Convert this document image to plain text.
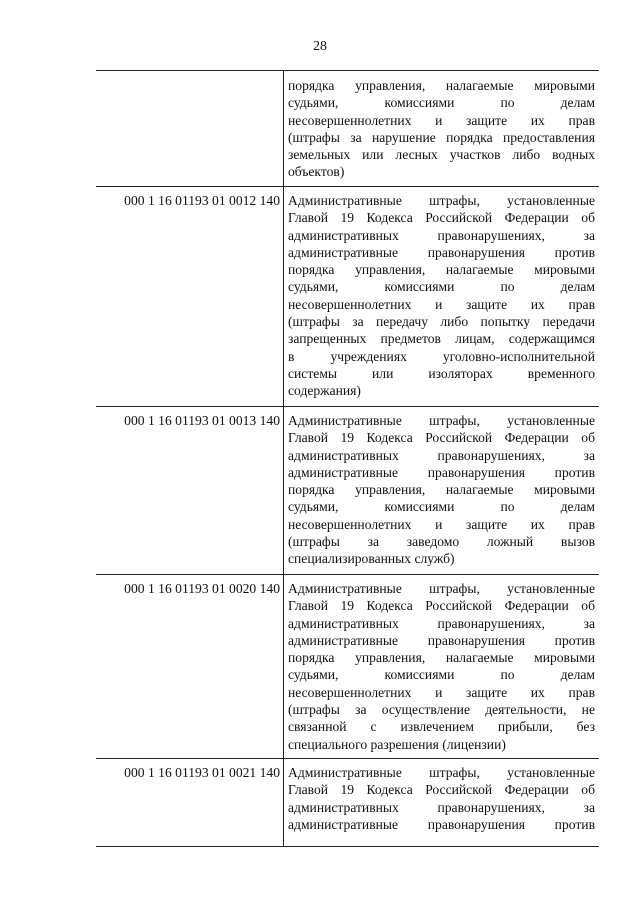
28
порядка управления, налагаемые мировыми
судьями, комиссиями по делам
несовершеннолетних и защите их прав
(штрафы за нарушение порядка предоставления
земельных или лесных участков либо водных
объектов)
000 1 16 01193 01 0012 140 Административные штрафы, установленные
Главой 19 Кодекса Российской Федерации об
административных правонарушениях, за
административные правонарушения против
порядка управления, налагаемые мировыми
судьями, комиссиями по делам
несовершеннолетних и защите их прав
(штрафы за передачу либо попытку передачи
запрещенных предметов лицам, содержащимся
в учреждениях уголовно-исполнительной
системы или изоляторах временного
содержания)
000 1 16 01193 01 0013 140 Административные штрафы, установленные
Главой 19 Кодекса Российской Федерации об
административных правонарушениях, за
административные правонарушения против
порядка управления, налагаемые мировыми
судьями, комиссиями по делам
несовершеннолетних и защите их прав
(штрафы за заведомо ложный вызов
специализированных служб)
000 1 16 01193 01 0020 140 Административные штрафы, установленные
Главой 19 Кодекса Российской Федерации об
административных правонарушениях, за
административные правонарушения против
порядка управления, налагаемые мировыми
судьями, комиссиями по делам
несовершеннолетних и защите их прав
(штрафы за осуществление деятельности, не
связанной с извлечением прибыли, без
специального разрешения (лицензии)
000 1 16 01193 01 0021 140 Административные штрафы, установленные
Главой 19 Кодекса Российской Федерации об
административных правонарушениях, за
административные правонарушения против
